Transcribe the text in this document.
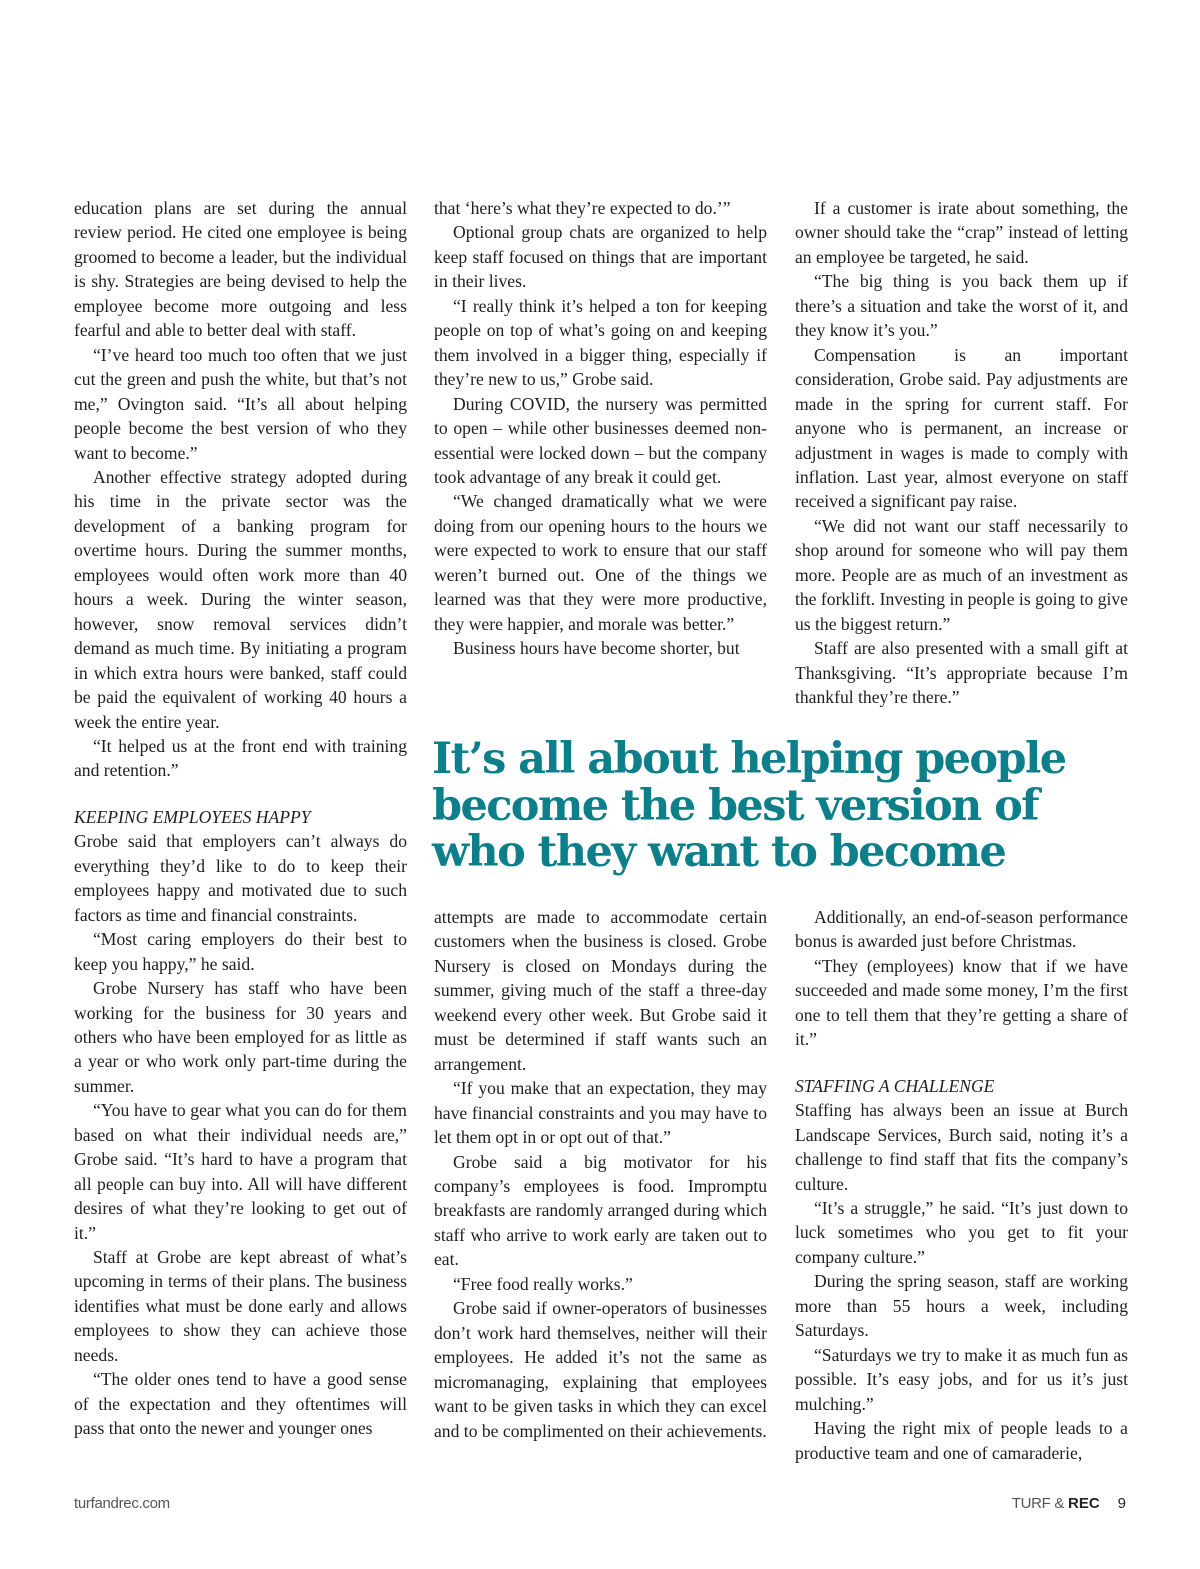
education plans are set during the annual review period. He cited one employee is being groomed to become a leader, but the individual is shy. Strategies are being devised to help the employee become more outgoing and less fearful and able to better deal with staff.

“I’ve heard too much too often that we just cut the green and push the white, but that’s not me,” Ovington said. “It’s all about helping people become the best version of who they want to become.”

Another effective strategy adopted during his time in the private sector was the development of a banking program for overtime hours. During the summer months, employees would often work more than 40 hours a week. During the winter season, however, snow removal services didn’t demand as much time. By initiating a program in which extra hours were banked, staff could be paid the equivalent of working 40 hours a week the entire year.

“It helped us at the front end with training and retention.”

KEEPING EMPLOYEES HAPPY

Grobe said that employers can’t always do everything they’d like to do to keep their employees happy and motivated due to such factors as time and financial constraints.

“Most caring employers do their best to keep you happy,” he said.

Grobe Nursery has staff who have been working for the business for 30 years and others who have been employed for as little as a year or who work only part-time during the summer.

“You have to gear what you can do for them based on what their individual needs are,” Grobe said. “It’s hard to have a program that all people can buy into. All will have different desires of what they’re looking to get out of it.”

Staff at Grobe are kept abreast of what’s upcoming in terms of their plans. The business identifies what must be done early and allows employees to show they can achieve those needs.

“The older ones tend to have a good sense of the expectation and they oftentimes will pass that onto the newer and younger ones

that ‘here’s what they’re expected to do.’”

Optional group chats are organized to help keep staff focused on things that are important in their lives.

“I really think it’s helped a ton for keeping people on top of what’s going on and keeping them involved in a bigger thing, especially if they’re new to us,” Grobe said.

During COVID, the nursery was permitted to open – while other businesses deemed non-essential were locked down – but the company took advantage of any break it could get.

“We changed dramatically what we were doing from our opening hours to the hours we were expected to work to ensure that our staff weren’t burned out. One of the things we learned was that they were more productive, they were happier, and morale was better.”

Business hours have become shorter, but

If a customer is irate about something, the owner should take the “crap” instead of letting an employee be targeted, he said.

“The big thing is you back them up if there’s a situation and take the worst of it, and they know it’s you.”

Compensation is an important consideration, Grobe said. Pay adjustments are made in the spring for current staff. For anyone who is permanent, an increase or adjustment in wages is made to comply with inflation. Last year, almost everyone on staff received a significant pay raise.

“We did not want our staff necessarily to shop around for someone who will pay them more. People are as much of an investment as the forklift. Investing in people is going to give us the biggest return.”

Staff are also presented with a small gift at Thanksgiving. “It’s appropriate because I’m thankful they’re there.”

It’s all about helping people
become the best version of
who they want to become

attempts are made to accommodate certain customers when the business is closed. Grobe Nursery is closed on Mondays during the summer, giving much of the staff a three-day weekend every other week. But Grobe said it must be determined if staff wants such an arrangement.

“If you make that an expectation, they may have financial constraints and you may have to let them opt in or opt out of that.”

Grobe said a big motivator for his company’s employees is food. Impromptu breakfasts are randomly arranged during which staff who arrive to work early are taken out to eat.

“Free food really works.”

Grobe said if owner-operators of businesses don’t work hard themselves, neither will their employees. He added it’s not the same as micromanaging, explaining that employees want to be given tasks in which they can excel and to be complimented on their achievements.

Additionally, an end-of-season performance bonus is awarded just before Christmas.

“They (employees) know that if we have succeeded and made some money, I’m the first one to tell them that they’re getting a share of it.”

STAFFING A CHALLENGE

Staffing has always been an issue at Burch Landscape Services, Burch said, noting it’s a challenge to find staff that fits the company’s culture.

“It’s a struggle,” he said. “It’s just down to luck sometimes who you get to fit your company culture.”

During the spring season, staff are working more than 55 hours a week, including Saturdays.

“Saturdays we try to make it as much fun as possible. It’s easy jobs, and for us it’s just mulching.”

Having the right mix of people leads to a productive team and one of camaraderie,

turfandrec.com	TURF & REC 9
